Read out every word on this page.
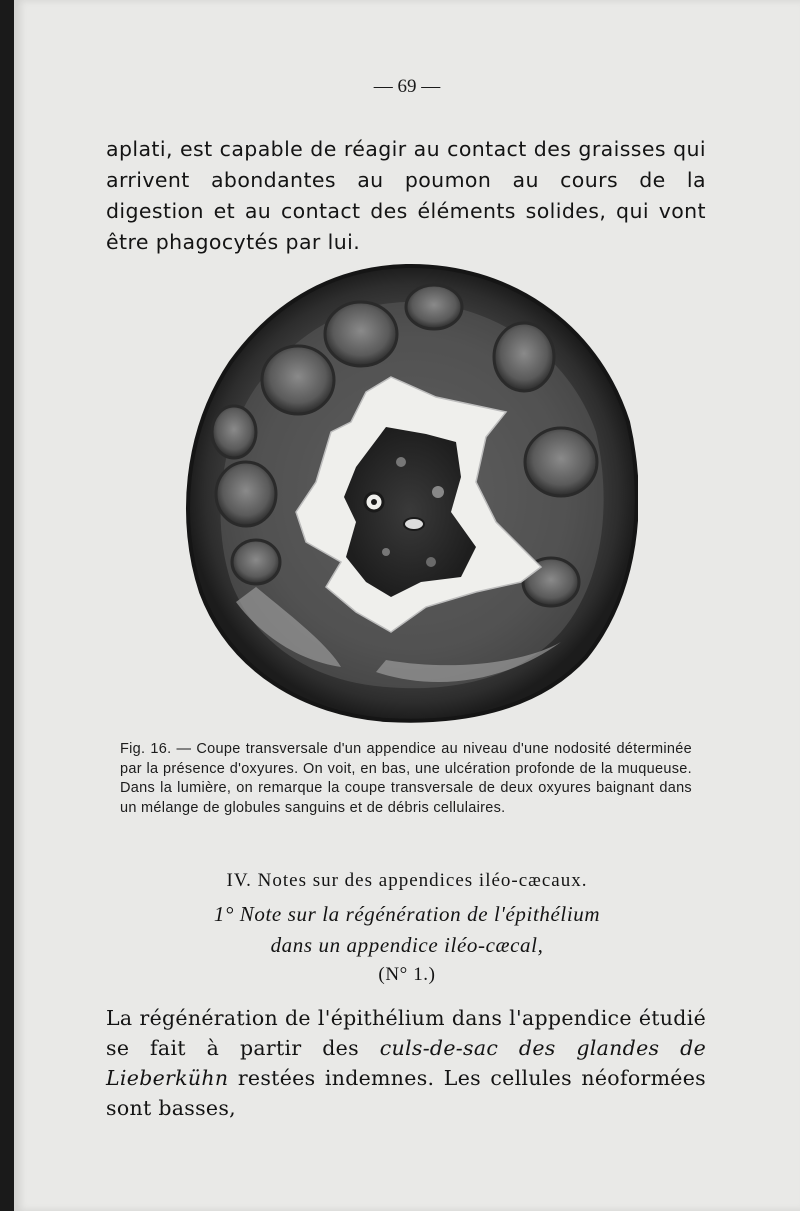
— 69 —
aplati, est capable de réagir au contact des graisses qui arrivent abondantes au poumon au cours de la digestion et au contact des éléments solides, qui vont être phagocytés par lui.
Fig. 16. — Coupe transversale d'un appendice au niveau d'une nodosité déterminée par la présence d'oxyures. On voit, en bas, une ulcération profonde de la muqueuse. Dans la lumière, on remarque la coupe transversale de deux oxyures baignant dans un mélange de globules sanguins et de débris cellulaires.
IV. Notes sur des appendices iléo-cæcaux.
1° Note sur la régénération de l'épithélium
dans un appendice iléo-cæcal,
(N° 1.)
La régénération de l'épithélium dans l'appendice étudié se fait à partir des culs-de-sac des glandes de Lieberkühn restées indemnes. Les cellules néoformées sont basses,
